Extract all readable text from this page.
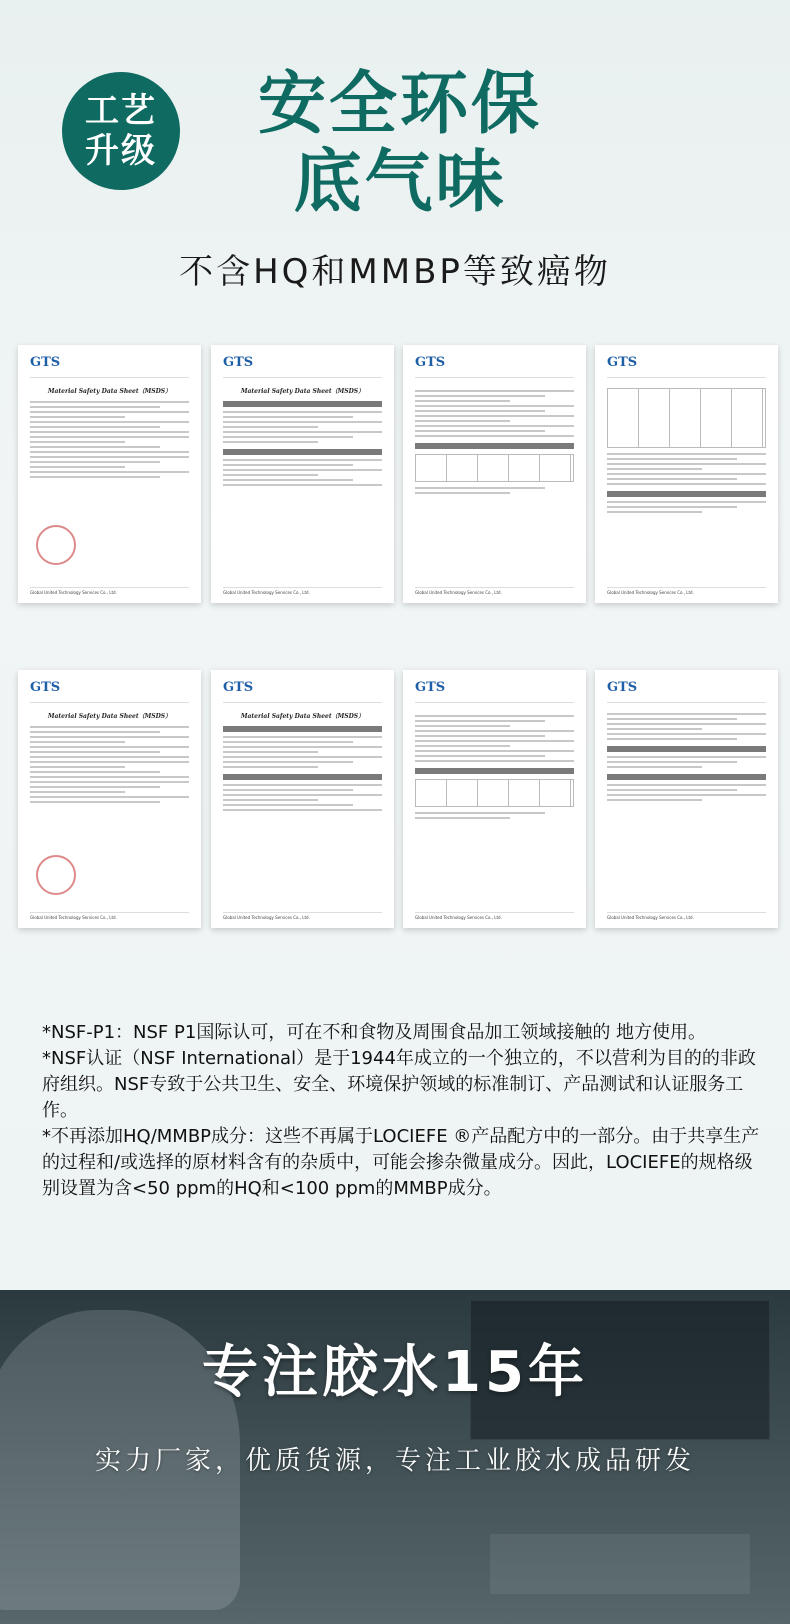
工艺
升级
安全环保
底气味
不含HQ和MMBP等致癌物
GTS
Material Safety Data Sheet（MSDS）
Global United Technology Services Co., Ltd.
GTS
Material Safety Data Sheet（MSDS）
Global United Technology Services Co., Ltd.
GTS
Global United Technology Services Co., Ltd.
GTS
Global United Technology Services Co., Ltd.
GTS
Material Safety Data Sheet（MSDS）
Global United Technology Services Co., Ltd.
GTS
Material Safety Data Sheet（MSDS）
Global United Technology Services Co., Ltd.
GTS
Global United Technology Services Co., Ltd.
GTS
Global United Technology Services Co., Ltd.
*NSF-P1：NSF P1国际认可，可在不和食物及周围食品加工领域接触的 地方使用。
*NSF认证（NSF International）是于1944年成立的一个独立的，不以营利为目的的非政府组织。NSF专致于公共卫生、安全、环境保护领域的标准制订、产品测试和认证服务工作。
*不再添加HQ/MMBP成分：这些不再属于LOCIEFE ®产品配方中的一部分。由于共享生产的过程和/或选择的原材料含有的杂质中，可能会掺杂微量成分。因此，LOCIEFE的规格级别设置为含<50 ppm的HQ和<100 ppm的MMBP成分。
专注胶水15年
实力厂家，优质货源，专注工业胶水成品研发
